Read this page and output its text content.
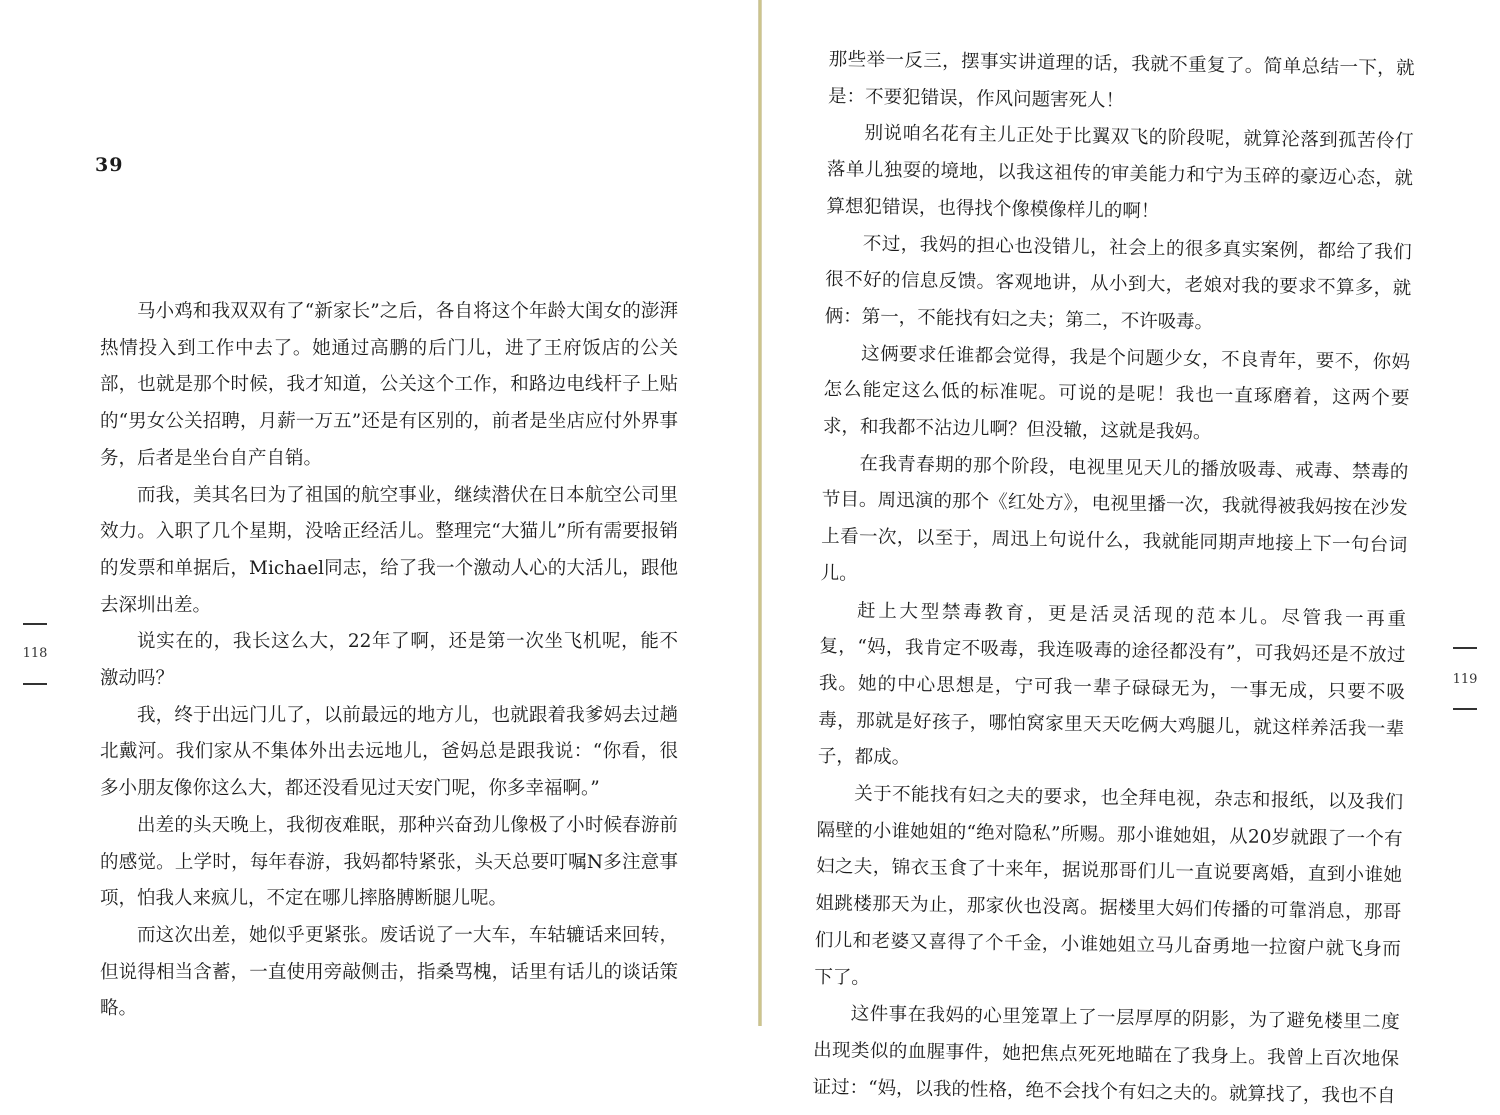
39

马小鸡和我双双有了“新家长”之后，各自将这个年龄大闺女的澎湃热情投入到工作中去了。她通过高鹏的后门儿，进了王府饭店的公关部，也就是那个时候，我才知道，公关这个工作，和路边电线杆子上贴的“男女公关招聘，月薪一万五”还是有区别的，前者是坐店应付外界事务，后者是坐台自产自销。

而我，美其名曰为了祖国的航空事业，继续潜伏在日本航空公司里效力。入职了几个星期，没啥正经活儿。整理完“大猫儿”所有需要报销的发票和单据后，Michael同志，给了我一个激动人心的大活儿，跟他去深圳出差。

说实在的，我长这么大，22年了啊，还是第一次坐飞机呢，能不激动吗？

我，终于出远门儿了，以前最远的地方儿，也就跟着我爹妈去过趟北戴河。我们家从不集体外出去远地儿，爸妈总是跟我说：“你看，很多小朋友像你这么大，都还没看见过天安门呢，你多幸福啊。”

出差的头天晚上，我彻夜难眠，那种兴奋劲儿像极了小时候春游前的感觉。上学时，每年春游，我妈都特紧张，头天总要叮嘱N多注意事项，怕我人来疯儿，不定在哪儿摔胳膊断腿儿呢。

而这次出差，她似乎更紧张。废话说了一大车，车轱辘话来回转，但说得相当含蓄，一直使用旁敲侧击，指桑骂槐，话里有话儿的谈话策略。

118

那些举一反三，摆事实讲道理的话，我就不重复了。简单总结一下，就是：不要犯错误，作风问题害死人！

别说咱名花有主儿正处于比翼双飞的阶段呢，就算沦落到孤苦伶仃落单儿独耍的境地，以我这祖传的审美能力和宁为玉碎的豪迈心态，就算想犯错误，也得找个像模像样儿的啊！

不过，我妈的担心也没错儿，社会上的很多真实案例，都给了我们很不好的信息反馈。客观地讲，从小到大，老娘对我的要求不算多，就俩：第一，不能找有妇之夫；第二，不许吸毒。

这俩要求任谁都会觉得，我是个问题少女，不良青年，要不，你妈怎么能定这么低的标准呢。可说的是呢！我也一直琢磨着，这两个要求，和我都不沾边儿啊？但没辙，这就是我妈。

在我青春期的那个阶段，电视里见天儿的播放吸毒、戒毒、禁毒的节目。周迅演的那个《红处方》，电视里播一次，我就得被我妈按在沙发上看一次，以至于，周迅上句说什么，我就能同期声地接上下一句台词儿。

赶上大型禁毒教育，更是活灵活现的范本儿。尽管我一再重复，“妈，我肯定不吸毒，我连吸毒的途径都没有”，可我妈还是不放过我。她的中心思想是，宁可我一辈子碌碌无为，一事无成，只要不吸毒，那就是好孩子，哪怕窝家里天天吃俩大鸡腿儿，就这样养活我一辈子，都成。

关于不能找有妇之夫的要求，也全拜电视，杂志和报纸，以及我们隔壁的小谁她姐的“绝对隐私”所赐。那小谁她姐，从20岁就跟了一个有妇之夫，锦衣玉食了十来年，据说那哥们儿一直说要离婚，直到小谁她姐跳楼那天为止，那家伙也没离。据楼里大妈们传播的可靠消息，那哥们儿和老婆又喜得了个千金，小谁她姐立马儿奋勇地一拉窗户就飞身而下了。

这件事在我妈的心里笼罩上了一层厚厚的阴影，为了避免楼里二度出现类似的血腥事件，她把焦点死死地瞄在了我身上。我曾上百次地保证过：“妈，以我的性格，绝不会找个有妇之夫的。就算找了，我也不自

119
